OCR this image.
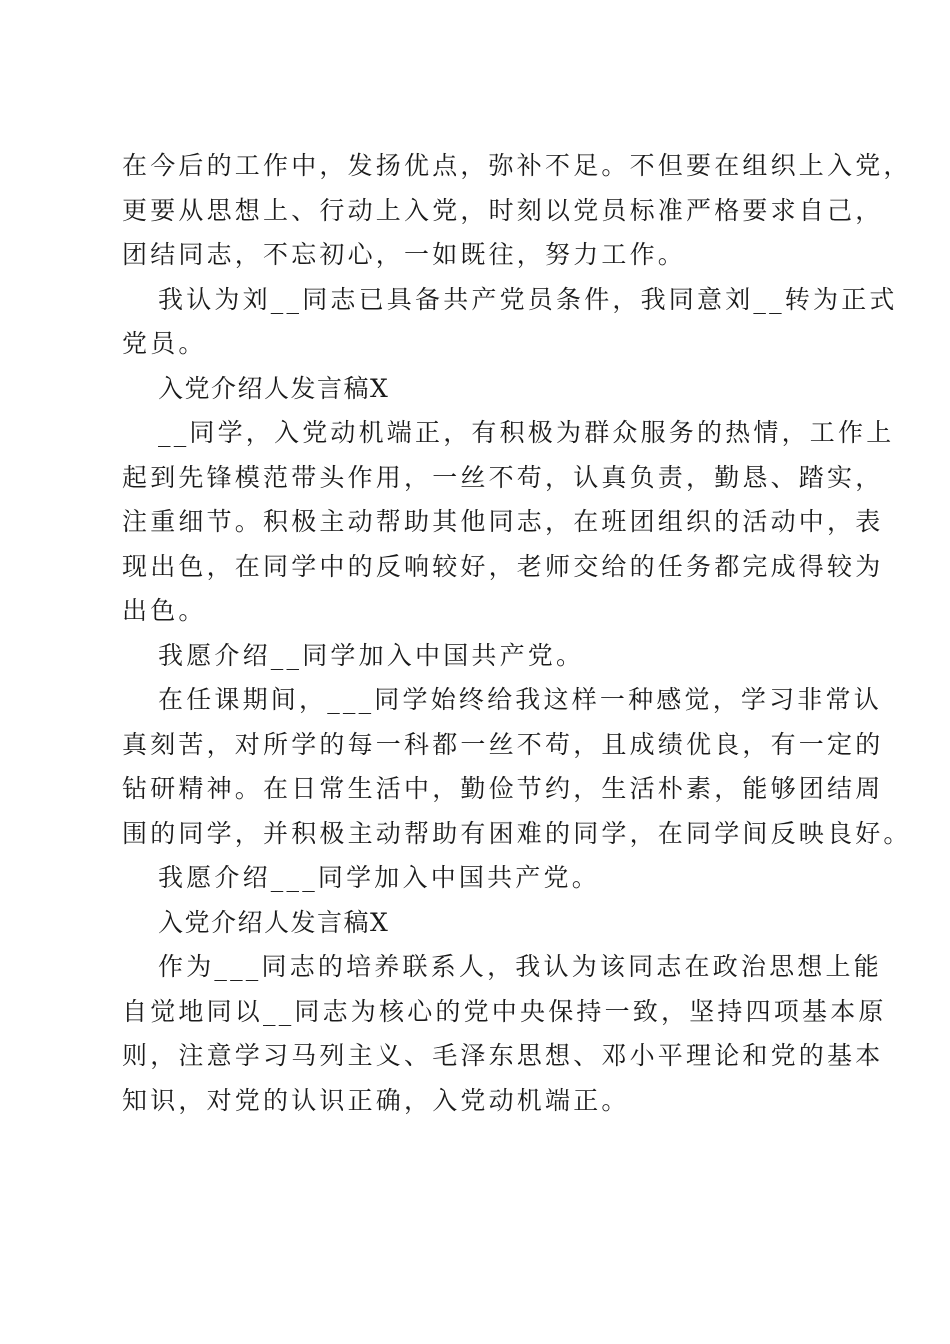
在今后的工作中，发扬优点，弥补不足。不但要在组织上入党，
更要从思想上、行动上入党，时刻以党员标准严格要求自己，
团结同志，不忘初心，一如既往，努力工作。

我认为刘__同志已具备共产党员条件，我同意刘__转为正式
党员。

入党介绍人发言稿X

__同学，入党动机端正，有积极为群众服务的热情，工作上
起到先锋模范带头作用，一丝不苟，认真负责，勤恳、踏实，
注重细节。积极主动帮助其他同志，在班团组织的活动中，表
现出色，在同学中的反响较好，老师交给的任务都完成得较为
出色。

我愿介绍__同学加入中国共产党。

在任课期间，___同学始终给我这样一种感觉，学习非常认
真刻苦，对所学的每一科都一丝不苟，且成绩优良，有一定的
钻研精神。在日常生活中，勤俭节约，生活朴素，能够团结周
围的同学，并积极主动帮助有困难的同学，在同学间反映良好。

我愿介绍___同学加入中国共产党。

入党介绍人发言稿X

作为___同志的培养联系人，我认为该同志在政治思想上能
自觉地同以__同志为核心的党中央保持一致，坚持四项基本原
则，注意学习马列主义、毛泽东思想、邓小平理论和党的基本
知识，对党的认识正确，入党动机端正。
